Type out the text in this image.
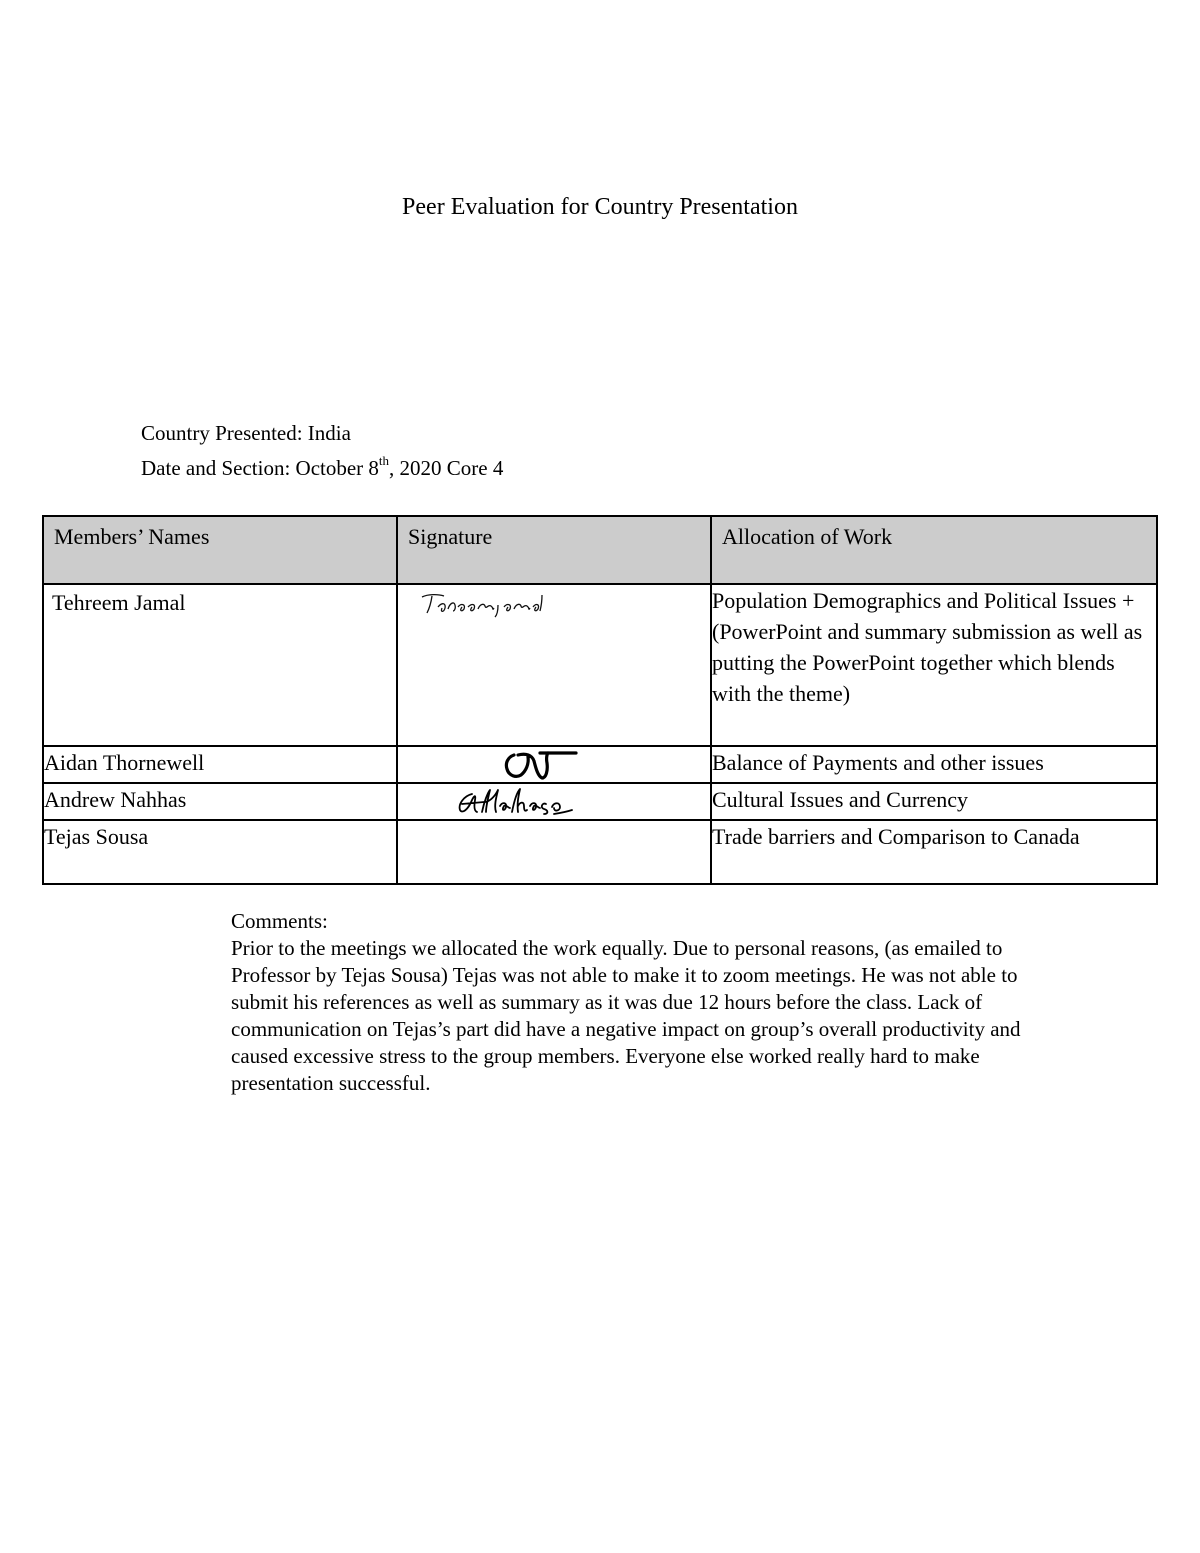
Peer Evaluation for Country Presentation
Country Presented: India
Date and Section: October 8th, 2020 Core 4
Members’ Names	Signature	Allocation of Work
Tehreem Jamal		Population Demographics and Political Issues + (PowerPoint and summary submission as well as putting the PowerPoint together which blends with the theme)
Aidan Thornewell		Balance of Payments and other issues
Andrew Nahhas		Cultural Issues and Currency
Tejas Sousa		Trade barriers and Comparison to Canada

Comments:

Prior to the meetings we allocated the work equally. Due to personal reasons, (as emailed to Professor by Tejas Sousa) Tejas was not able to make it to zoom meetings. He was not able to submit his references as well as summary as it was due 12 hours before the class. Lack of communication on Tejas’s part did have a negative impact on group’s overall productivity and caused excessive stress to the group members. Everyone else worked really hard to make presentation successful.
